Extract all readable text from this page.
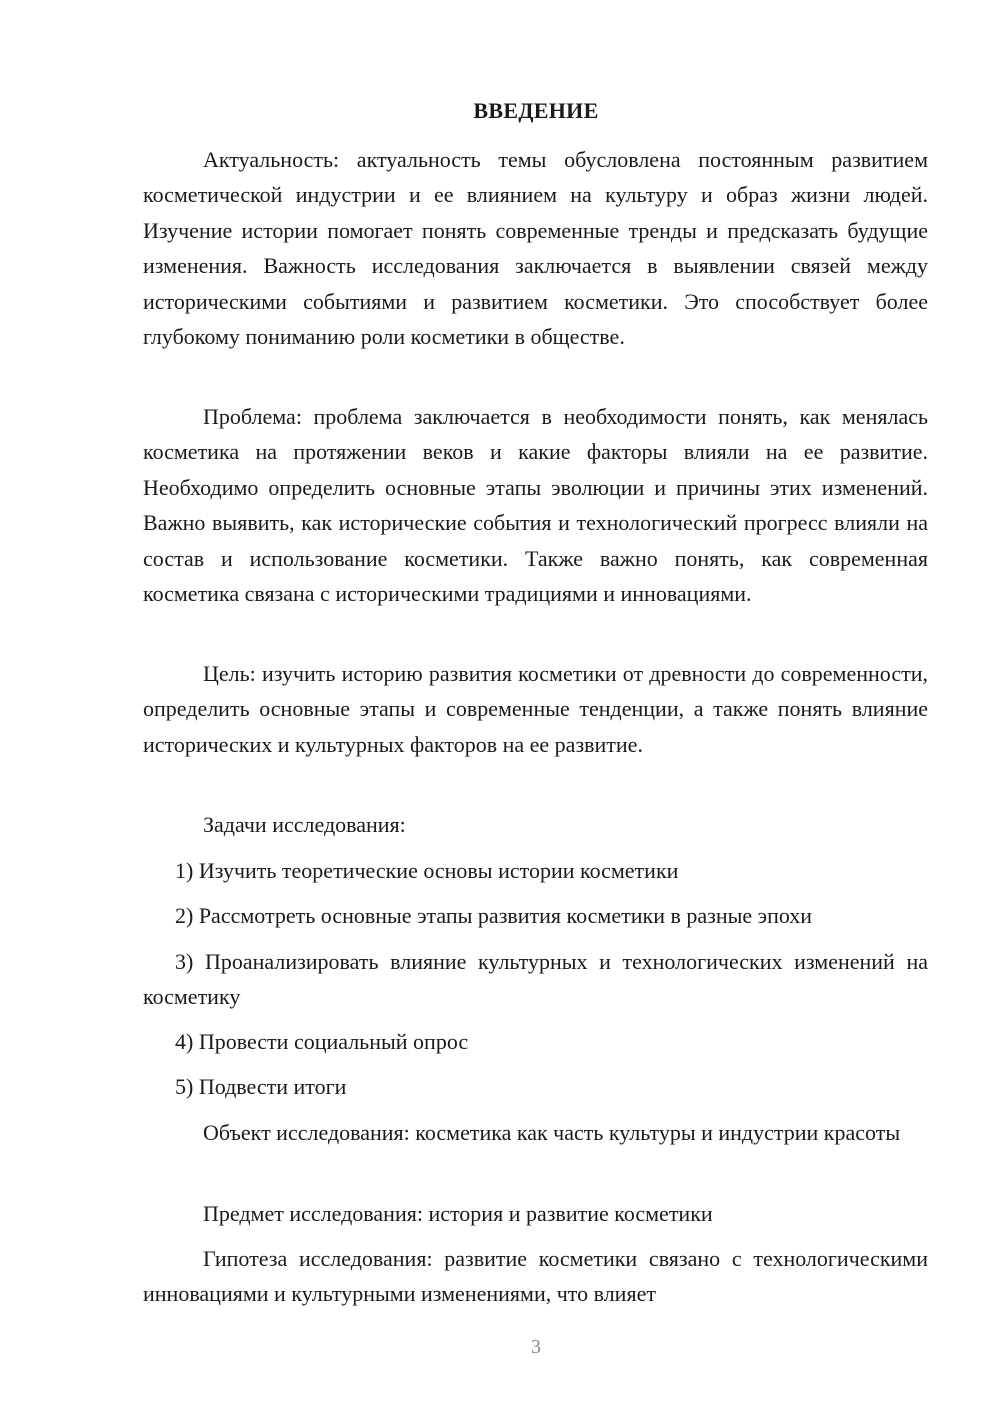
ВВЕДЕНИЕ

Актуальность: актуальность темы обусловлена постоянным развитием косметической индустрии и ее влиянием на культуру и образ жизни людей. Изучение истории помогает понять современные тренды и предсказать будущие изменения. Важность исследования заключается в выявлении связей между историческими событиями и развитием косметики. Это способствует более глубокому пониманию роли косметики в обществе.

Проблема: проблема заключается в необходимости понять, как менялась косметика на протяжении веков и какие факторы влияли на ее развитие. Необходимо определить основные этапы эволюции и причины этих изменений. Важно выявить, как исторические события и технологический прогресс влияли на состав и использование косметики. Также важно понять, как современная косметика связана с историческими традициями и инновациями.

Цель: изучить историю развития косметики от древности до современности, определить основные этапы и современные тенденции, а также понять влияние исторических и культурных факторов на ее развитие.

Задачи исследования:

1) Изучить теоретические основы истории косметики

2) Рассмотреть основные этапы развития косметики в разные эпохи

3) Проанализировать влияние культурных и технологических изменений на косметику

4) Провести социальный опрос

5) Подвести итоги

Объект исследования: косметика как часть культуры и индустрии красоты

Предмет исследования: история и развитие косметики

Гипотеза исследования: развитие косметики связано с технологическими инновациями и культурными изменениями, что влияет

3
